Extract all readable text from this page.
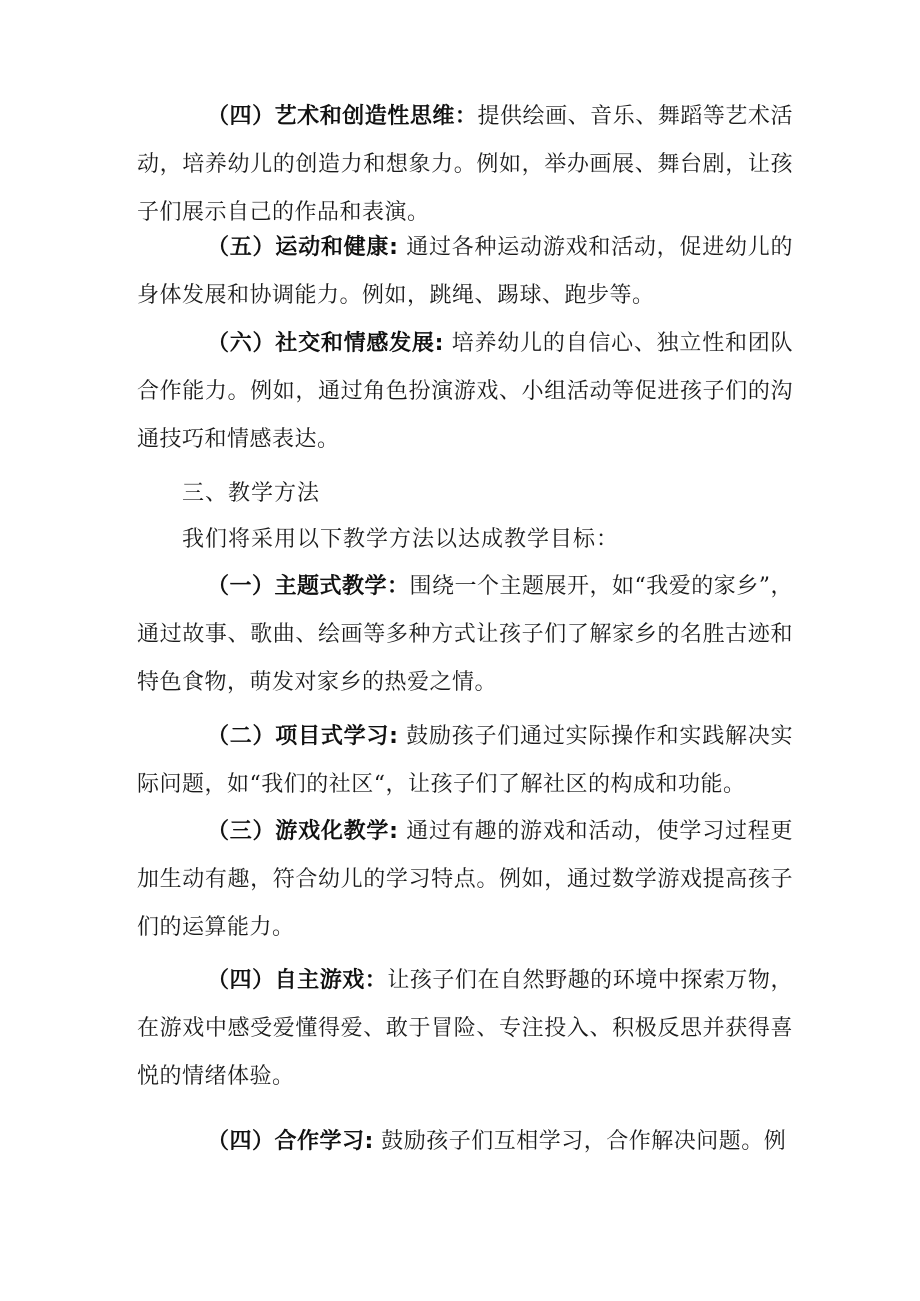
（四）艺术和创造性思维：提供绘画、音乐、舞蹈等艺术活动，培养幼儿的创造力和想象力。例如，举办画展、舞台剧，让孩子们展示自己的作品和表演。

（五）运动和健康: 通过各种运动游戏和活动，促进幼儿的身体发展和协调能力。例如，跳绳、踢球、跑步等。

（六）社交和情感发展: 培养幼儿的自信心、独立性和团队合作能力。例如，通过角色扮演游戏、小组活动等促进孩子们的沟通技巧和情感表达。

三、教学方法

我们将采用以下教学方法以达成教学目标：

（一）主题式教学：围绕一个主题展开，如“我爱的家乡”，通过故事、歌曲、绘画等多种方式让孩子们了解家乡的名胜古迹和特色食物，萌发对家乡的热爱之情。

（二）项目式学习: 鼓励孩子们通过实际操作和实践解决实际问题，如“我们的社区“，让孩子们了解社区的构成和功能。

（三）游戏化教学: 通过有趣的游戏和活动，使学习过程更加生动有趣，符合幼儿的学习特点。例如，通过数学游戏提高孩子们的运算能力。

（四）自主游戏：让孩子们在自然野趣的环境中探索万物，在游戏中感受爱懂得爱、敢于冒险、专注投入、积极反思并获得喜悦的情绪体验。

（四）合作学习: 鼓励孩子们互相学习，合作解决问题。例
